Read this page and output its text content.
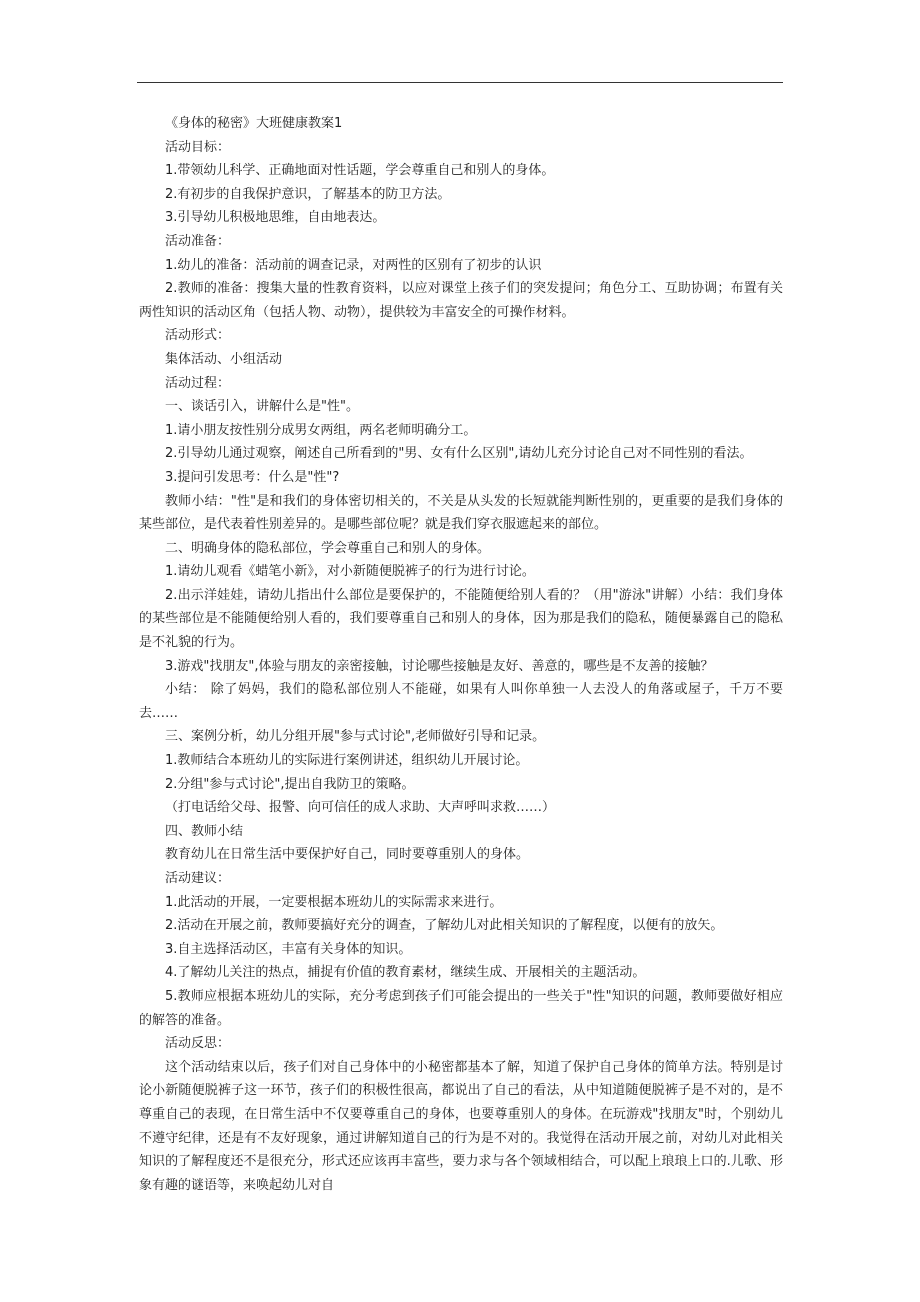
《身体的秘密》大班健康教案1

活动目标：

1.带领幼儿科学、正确地面对性话题，学会尊重自己和别人的身体。

2.有初步的自我保护意识，了解基本的防卫方法。

3.引导幼儿积极地思维，自由地表达。

活动准备：

1.幼儿的准备：活动前的调查记录，对两性的区别有了初步的认识

2.教师的准备：搜集大量的性教育资料，以应对课堂上孩子们的突发提问；角色分工、互助协调；布置有关两性知识的活动区角（包括人物、动物），提供较为丰富安全的可操作材料。

活动形式：

集体活动、小组活动

活动过程：

一、谈话引入，讲解什么是"性"。

1.请小朋友按性别分成男女两组，两名老师明确分工。

2.引导幼儿通过观察，阐述自己所看到的"男、女有什么区别",请幼儿充分讨论自己对不同性别的看法。

3.提问引发思考：什么是"性"?

教师小结："性"是和我们的身体密切相关的，不关是从头发的长短就能判断性别的，更重要的是我们身体的某些部位，是代表着性别差异的。是哪些部位呢？就是我们穿衣服遮起来的部位。

二、明确身体的隐私部位，学会尊重自己和别人的身体。

1.请幼儿观看《蜡笔小新》，对小新随便脱裤子的行为进行讨论。

2.出示洋娃娃，请幼儿指出什么部位是要保护的，不能随便给别人看的？（用"游泳"讲解）小结：我们身体的某些部位是不能随便给别人看的，我们要尊重自己和别人的身体，因为那是我们的隐私，随便暴露自己的隐私是不礼貌的行为。

3.游戏"找朋友",体验与朋友的亲密接触，讨论哪些接触是友好、善意的，哪些是不友善的接触？

小结： 除了妈妈，我们的隐私部位别人不能碰，如果有人叫你单独一人去没人的角落或屋子，千万不要去……

三、案例分析，幼儿分组开展"参与式讨论",老师做好引导和记录。

1.教师结合本班幼儿的实际进行案例讲述，组织幼儿开展讨论。

2.分组"参与式讨论",提出自我防卫的策略。

（打电话给父母、报警、向可信任的成人求助、大声呼叫求救……）

四、教师小结

教育幼儿在日常生活中要保护好自己，同时要尊重别人的身体。

活动建议：

1.此活动的开展，一定要根据本班幼儿的实际需求来进行。

2.活动在开展之前，教师要搞好充分的调查，了解幼儿对此相关知识的了解程度，以便有的放矢。

3.自主选择活动区，丰富有关身体的知识。

4.了解幼儿关注的热点，捕捉有价值的教育素材，继续生成、开展相关的主题活动。

5.教师应根据本班幼儿的实际，充分考虑到孩子们可能会提出的一些关于"性"知识的问题，教师要做好相应的解答的准备。

活动反思：

这个活动结束以后，孩子们对自己身体中的小秘密都基本了解，知道了保护自己身体的简单方法。特别是讨论小新随便脱裤子这一环节，孩子们的积极性很高，都说出了自己的看法，从中知道随便脱裤子是不对的，是不尊重自己的表现，在日常生活中不仅要尊重自己的身体，也要尊重别人的身体。在玩游戏"找朋友"时，个别幼儿不遵守纪律，还是有不友好现象，通过讲解知道自己的行为是不对的。我觉得在活动开展之前，对幼儿对此相关知识的了解程度还不是很充分，形式还应该再丰富些，要力求与各个领域相结合，可以配上琅琅上口的.儿歌、形象有趣的谜语等，来唤起幼儿对自
